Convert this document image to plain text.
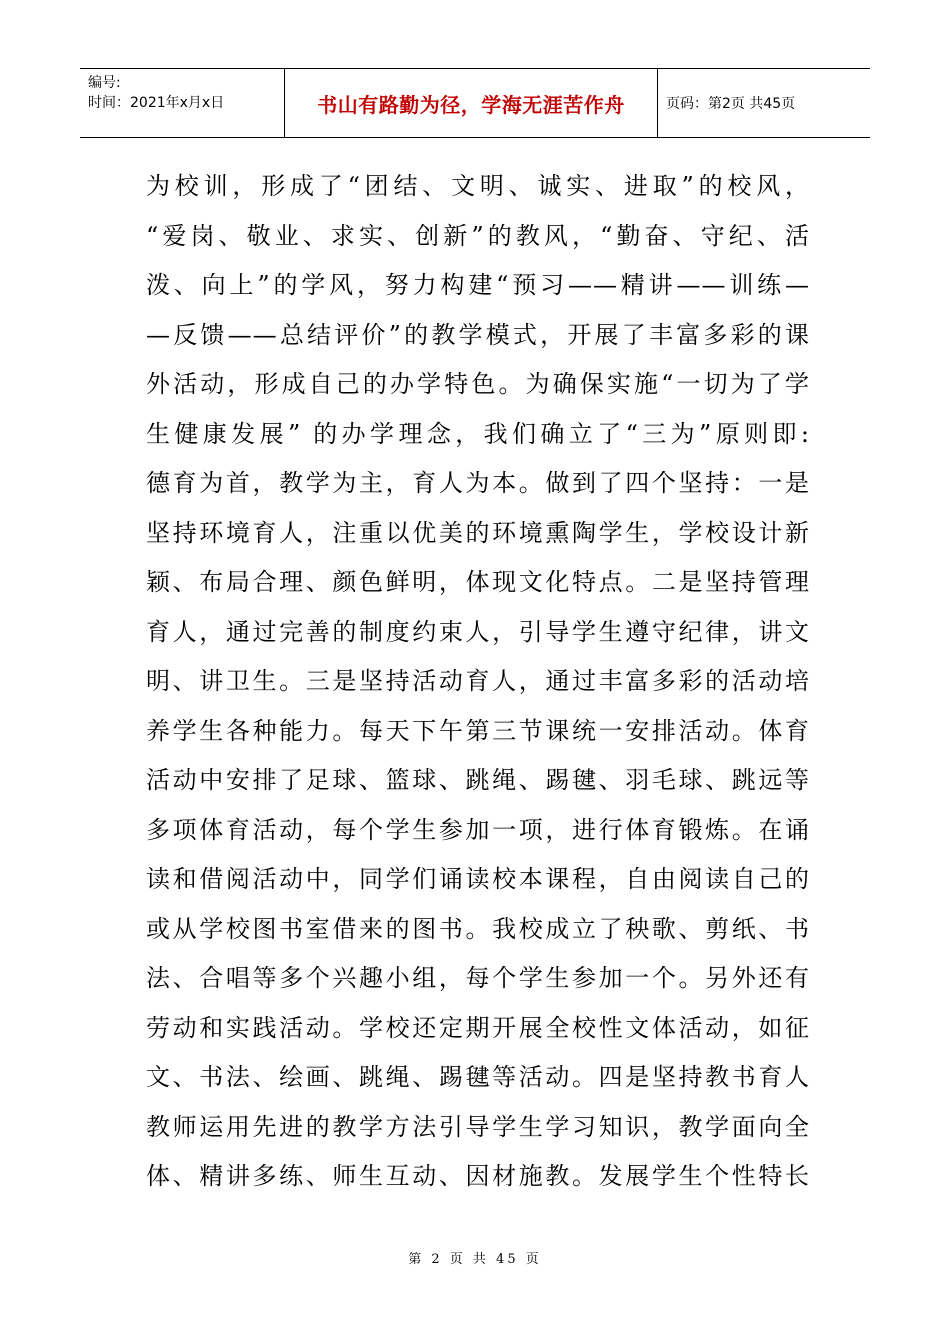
编号:
时间：2021年x月x日	书山有路勤为径，学海无涯苦作舟	页码：第2页 共45页
为校训，形成了“团结、文明、诚实、进取”的校风，
“爱岗、敬业、求实、创新”的教风，“勤奋、守纪、活
泼、向上”的学风，努力构建“预习——精讲——训练—
—反馈——总结评价”的教学模式，开展了丰富多彩的课
外活动，形成自己的办学特色。为确保实施“一切为了学
生健康发展” 的办学理念，我们确立了“三为”原则即:
德育为首，教学为主，育人为本。做到了四个坚持：一是
坚持环境育人，注重以优美的环境熏陶学生，学校设计新
颖、布局合理、颜色鲜明，体现文化特点。二是坚持管理
育人，通过完善的制度约束人，引导学生遵守纪律，讲文
明、讲卫生。三是坚持活动育人，通过丰富多彩的活动培
养学生各种能力。每天下午第三节课统一安排活动。体育
活动中安排了足球、篮球、跳绳、踢毽、羽毛球、跳远等
多项体育活动，每个学生参加一项，进行体育锻炼。在诵
读和借阅活动中，同学们诵读校本课程，自由阅读自己的
或从学校图书室借来的图书。我校成立了秧歌、剪纸、书
法、合唱等多个兴趣小组，每个学生参加一个。另外还有
劳动和实践活动。学校还定期开展全校性文体活动，如征
文、书法、绘画、跳绳、踢毽等活动。四是坚持教书育人
教师运用先进的教学方法引导学生学习知识，教学面向全
体、精讲多练、师生互动、因材施教。发展学生个性特长
第 2 页 共 45 页
